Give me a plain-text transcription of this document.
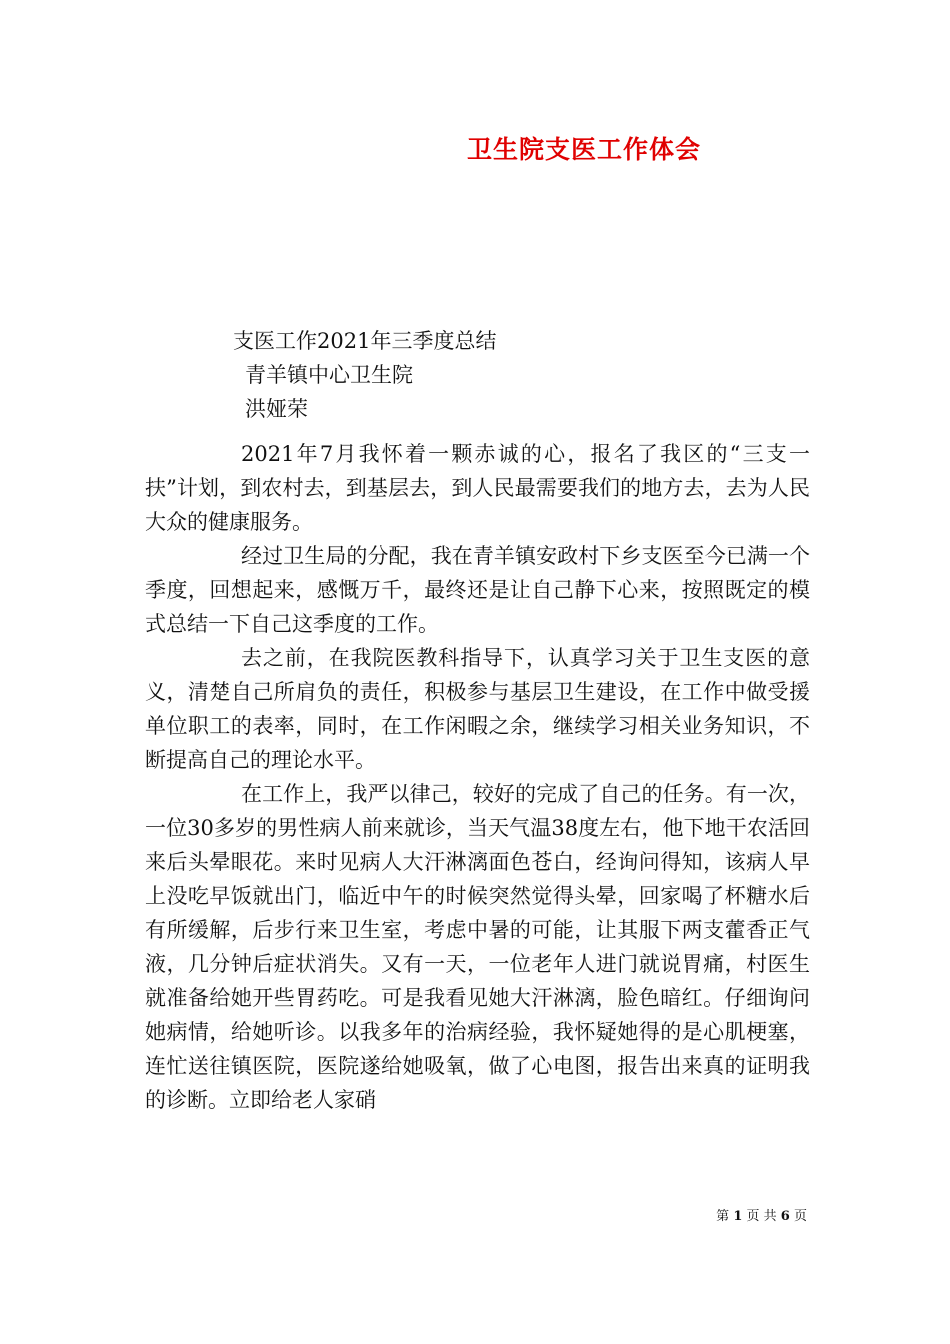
卫生院支医工作体会
支医工作2021年三季度总结
青羊镇中心卫生院
洪娅荣

2021年7月我怀着一颗赤诚的心，报名了我区的“三支一扶”计划，到农村去，到基层去，到人民最需要我们的地方去，去为人民大众的健康服务。

经过卫生局的分配，我在青羊镇安政村下乡支医至今已满一个季度，回想起来，感慨万千，最终还是让自己静下心来，按照既定的模式总结一下自己这季度的工作。

去之前，在我院医教科指导下，认真学习关于卫生支医的意义，清楚自己所肩负的责任，积极参与基层卫生建设，在工作中做受援单位职工的表率，同时，在工作闲暇之余，继续学习相关业务知识，不断提高自己的理论水平。

在工作上，我严以律己，较好的完成了自己的任务。有一次，一位30多岁的男性病人前来就诊，当天气温38度左右，他下地干农活回来后头晕眼花。来时见病人大汗淋漓面色苍白，经询问得知，该病人早上没吃早饭就出门，临近中午的时候突然觉得头晕，回家喝了杯糖水后有所缓解，后步行来卫生室，考虑中暑的可能，让其服下两支藿香正气液，几分钟后症状消失。又有一天，一位老年人进门就说胃痛，村医生就准备给她开些胃药吃。可是我看见她大汗淋漓，脸色暗红。仔细询问她病情，给她听诊。以我多年的治病经验，我怀疑她得的是心肌梗塞，连忙送往镇医院，医院遂给她吸氧，做了心电图，报告出来真的证明我的诊断。立即给老人家硝

第 1 页 共 6 页
